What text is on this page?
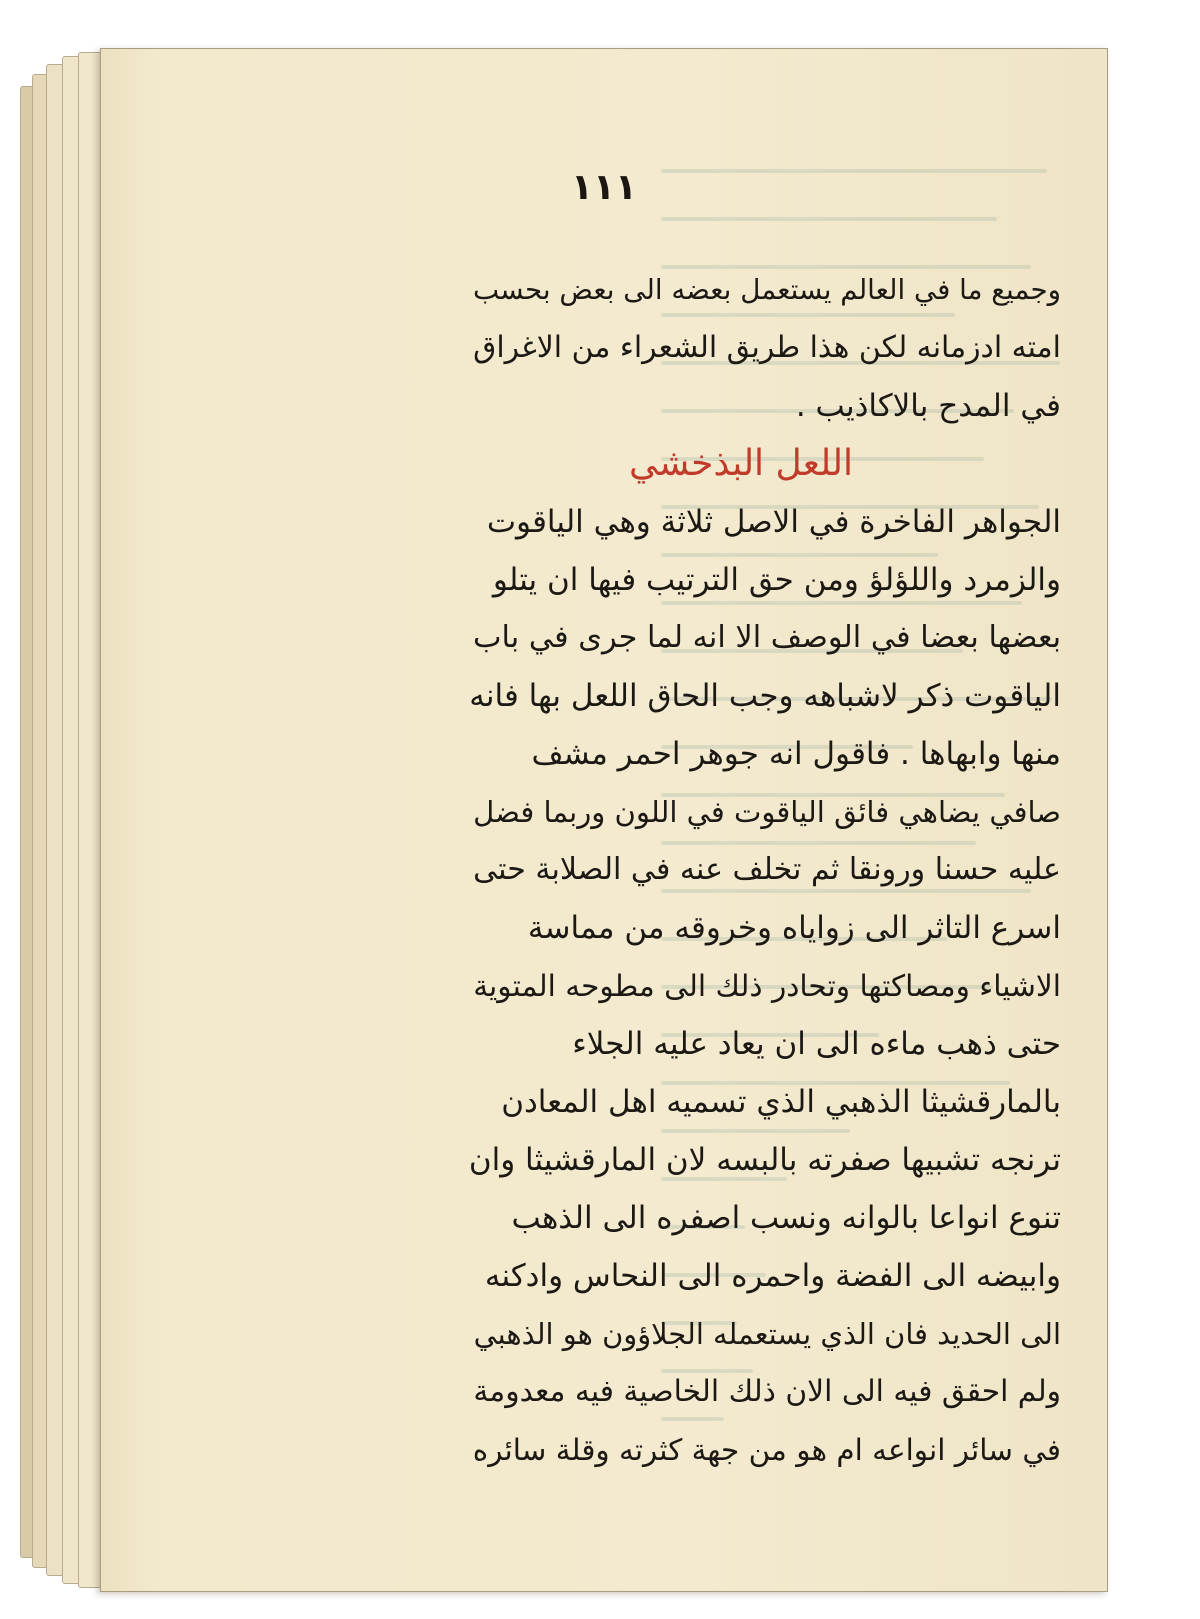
١١١
وجميع ما في العالم يستعمل بعضه الى بعض بحسب
امته ادزمانه لكن هذا طريق الشعراء من الاغراق
في المدح بالاكاذيب .
اللعل البذخشي
الجواهر الفاخرة في الاصل ثلاثة وهي الياقوت
والزمرد واللؤلؤ ومن حق الترتيب فيها ان يتلو
بعضها بعضا في الوصف الا انه لما جرى في باب
الياقوت ذكر لاشباهه وجب الحاق اللعل بها فانه
منها وابهاها . فاقول انه جوهر احمر مشف
صافي يضاهي فائق الياقوت في اللون وربما فضل
عليه حسنا ورونقا ثم تخلف عنه في الصلابة حتى
اسرع التاثر الى زواياه وخروقه من مماسة
الاشياء ومصاكتها وتحادر ذلك الى مطوحه المتوية
حتى ذهب ماءه الى ان يعاد عليه الجلاء
بالمارقشيثا الذهبي الذي تسميه اهل المعادن
ترنجه تشبيها صفرته بالبسه لان المارقشيثا وان
تنوع انواعا بالوانه ونسب اصفره الى الذهب
وابيضه الى الفضة واحمره الى النحاس وادكنه
الى الحديد فان الذي يستعمله الجلاؤون هو الذهبي
ولم احقق فيه الى الان ذلك الخاصية فيه معدومة
في سائر انواعه ام هو من جهة كثرته وقلة سائره
